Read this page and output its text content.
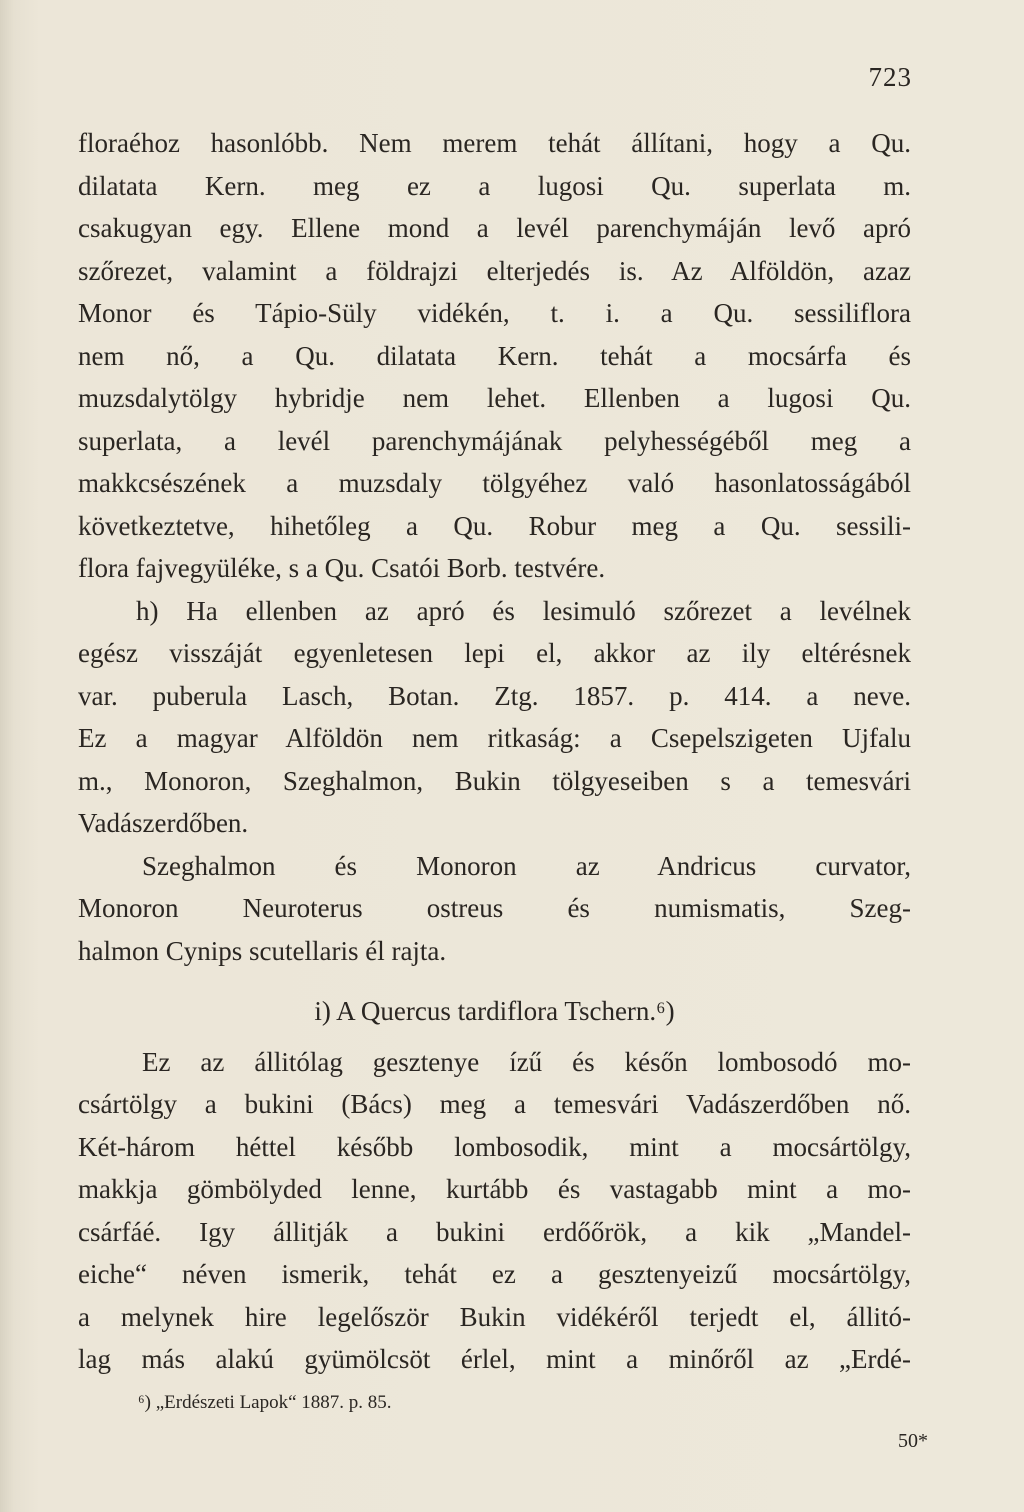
723
floraéhoz hasonlóbb. Nem merem tehát állítani, hogy a Qu.
dilatata Kern. meg ez a lugosi Qu. superlata m.
csakugyan egy. Ellene mond a levél parenchymáján levő apró
szőrezet, valamint a földrajzi elterjedés is. Az Alföldön, azaz
Monor és Tápio-Süly vidékén, t. i. a Qu. sessiliflora
nem nő, a Qu. dilatata Kern. tehát a mocsárfa és
muzsdalytölgy hybridje nem lehet. Ellenben a lugosi Qu.
superlata, a levél parenchymájának pelyhességéből meg a
makkcsészének a muzsdaly tölgyéhez való hasonlatosságából
következtetve, hihetőleg a Qu. Robur meg a Qu. sessili-
flora fajvegyüléke, s a Qu. Csatói Borb. testvére.
h) Ha ellenben az apró és lesimuló szőrezet a levélnek
egész visszáját egyenletesen lepi el, akkor az ily eltérésnek
var. puberula Lasch, Botan. Ztg. 1857. p. 414. a neve.
Ez a magyar Alföldön nem ritkaság: a Csepelszigeten Ujfalu
m., Monoron, Szeghalmon, Bukin tölgyeseiben s a temesvári
Vadászerdőben.
Szeghalmon és Monoron az Andricus curvator,
Monoron Neuroterus ostreus és numismatis, Szeg-
halmon Cynips scutellaris él rajta.
i) A Quercus tardiflora Tschern.⁶)
Ez az állitólag gesztenye ízű és későn lombosodó mo-
csártölgy a bukini (Bács) meg a temesvári Vadászerdőben nő.
Két-három héttel később lombosodik, mint a mocsártölgy,
makkja gömbölyded lenne, kurtább és vastagabb mint a mo-
csárfáé. Igy állitják a bukini erdőőrök, a kik „Mandel-
eiche“ néven ismerik, tehát ez a gesztenyeizű mocsártölgy,
a melynek hire legelőször Bukin vidékéről terjedt el, állitó-
lag más alakú gyümölcsöt érlel, mint a minőről az „Erdé-
⁶) „Erdészeti Lapok“ 1887. p. 85.
50*
